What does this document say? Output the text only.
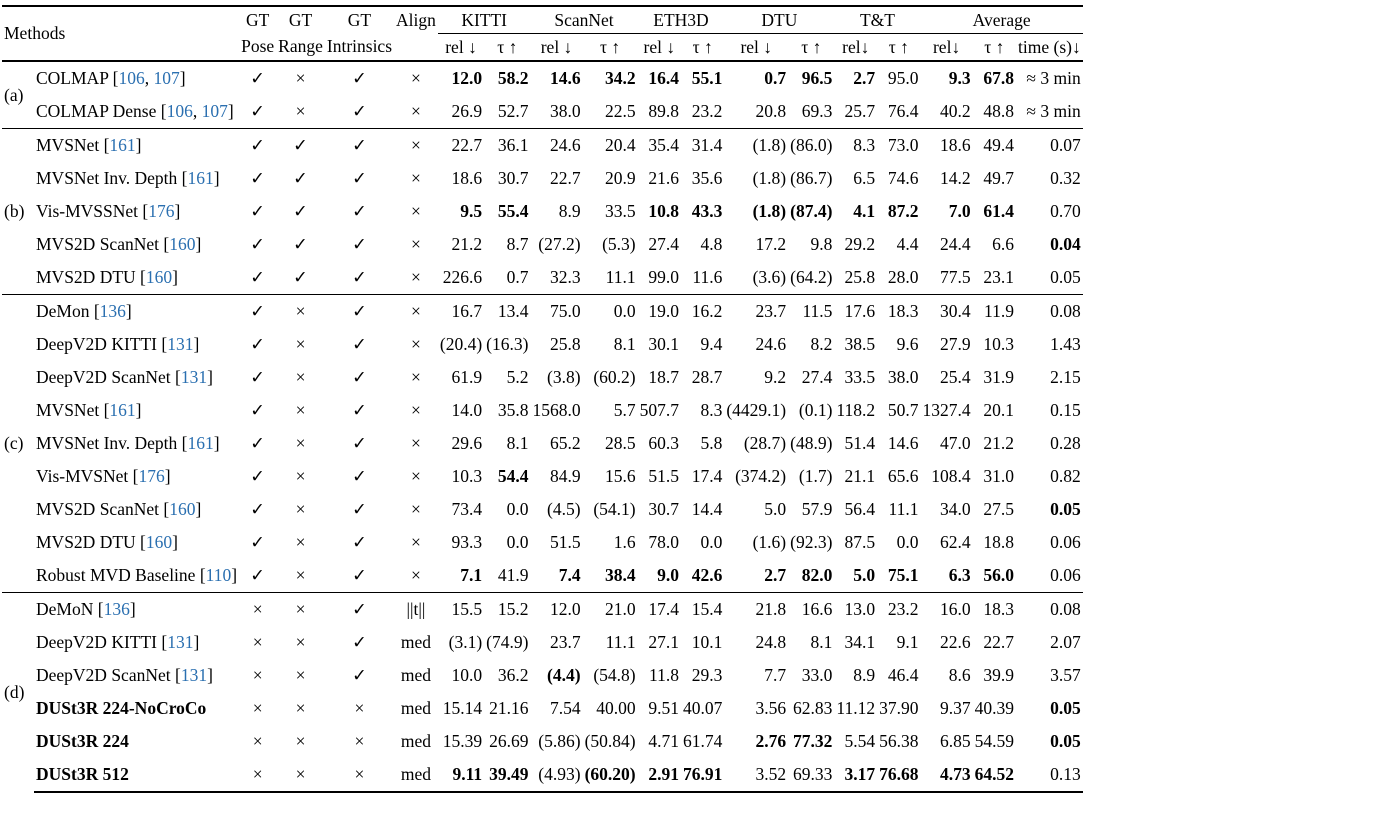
Methods		GT	GT	GT	Align	KITTI		ScanNet		ETH3D		DTU		T&T		Average		
		Pose	Range	Intrinsics		rel ↓	τ ↑	rel ↓	τ ↑	rel ↓	τ ↑	rel ↓	τ ↑	rel↓	τ ↑	rel↓	τ ↑	time (s)↓
(a)	COLMAP [106, 107]	✓	×	✓	×	12.0	58.2	14.6	34.2	16.4	55.1	0.7	96.5	2.7	95.0	9.3	67.8	≈ 3 min
	COLMAP Dense [106, 107]	✓	×	✓	×	26.9	52.7	38.0	22.5	89.8	23.2	20.8	69.3	25.7	76.4	40.2	48.8	≈ 3 min
(b)	MVSNet [161]	✓	✓	✓	×	22.7	36.1	24.6	20.4	35.4	31.4	(1.8)	(86.0)	8.3	73.0	18.6	49.4	0.07
	MVSNet Inv. Depth [161]	✓	✓	✓	×	18.6	30.7	22.7	20.9	21.6	35.6	(1.8)	(86.7)	6.5	74.6	14.2	49.7	0.32
	Vis-MVSSNet [176]	✓	✓	✓	×	9.5	55.4	8.9	33.5	10.8	43.3	(1.8)	(87.4)	4.1	87.2	7.0	61.4	0.70
	MVS2D ScanNet [160]	✓	✓	✓	×	21.2	8.7	(27.2)	(5.3)	27.4	4.8	17.2	9.8	29.2	4.4	24.4	6.6	0.04
	MVS2D DTU [160]	✓	✓	✓	×	226.6	0.7	32.3	11.1	99.0	11.6	(3.6)	(64.2)	25.8	28.0	77.5	23.1	0.05
(c)	DeMon [136]	✓	×	✓	×	16.7	13.4	75.0	0.0	19.0	16.2	23.7	11.5	17.6	18.3	30.4	11.9	0.08
	DeepV2D KITTI [131]	✓	×	✓	×	(20.4)	(16.3)	25.8	8.1	30.1	9.4	24.6	8.2	38.5	9.6	27.9	10.3	1.43
	DeepV2D ScanNet [131]	✓	×	✓	×	61.9	5.2	(3.8)	(60.2)	18.7	28.7	9.2	27.4	33.5	38.0	25.4	31.9	2.15
	MVSNet [161]	✓	×	✓	×	14.0	35.8	1568.0	5.7	507.7	8.3	(4429.1)	(0.1)	118.2	50.7	1327.4	20.1	0.15
	MVSNet Inv. Depth [161]	✓	×	✓	×	29.6	8.1	65.2	28.5	60.3	5.8	(28.7)	(48.9)	51.4	14.6	47.0	21.2	0.28
	Vis-MVSNet [176]	✓	×	✓	×	10.3	54.4	84.9	15.6	51.5	17.4	(374.2)	(1.7)	21.1	65.6	108.4	31.0	0.82
	MVS2D ScanNet [160]	✓	×	✓	×	73.4	0.0	(4.5)	(54.1)	30.7	14.4	5.0	57.9	56.4	11.1	34.0	27.5	0.05
	MVS2D DTU [160]	✓	×	✓	×	93.3	0.0	51.5	1.6	78.0	0.0	(1.6)	(92.3)	87.5	0.0	62.4	18.8	0.06
	Robust MVD Baseline [110]	✓	×	✓	×	7.1	41.9	7.4	38.4	9.0	42.6	2.7	82.0	5.0	75.1	6.3	56.0	0.06
(d)	DeMoN [136]	×	×	✓	||t||	15.5	15.2	12.0	21.0	17.4	15.4	21.8	16.6	13.0	23.2	16.0	18.3	0.08
	DeepV2D KITTI [131]	×	×	✓	med	(3.1)	(74.9)	23.7	11.1	27.1	10.1	24.8	8.1	34.1	9.1	22.6	22.7	2.07
	DeepV2D ScanNet [131]	×	×	✓	med	10.0	36.2	(4.4)	(54.8)	11.8	29.3	7.7	33.0	8.9	46.4	8.6	39.9	3.57
	DUSt3R 224-NoCroCo	×	×	×	med	15.14	21.16	7.54	40.00	9.51	40.07	3.56	62.83	11.12	37.90	9.37	40.39	0.05
	DUSt3R 224	×	×	×	med	15.39	26.69	(5.86)	(50.84)	4.71	61.74	2.76	77.32	5.54	56.38	6.85	54.59	0.05
	DUSt3R 512	×	×	×	med	9.11	39.49	(4.93)	(60.20)	2.91	76.91	3.52	69.33	3.17	76.68	4.73	64.52	0.13
